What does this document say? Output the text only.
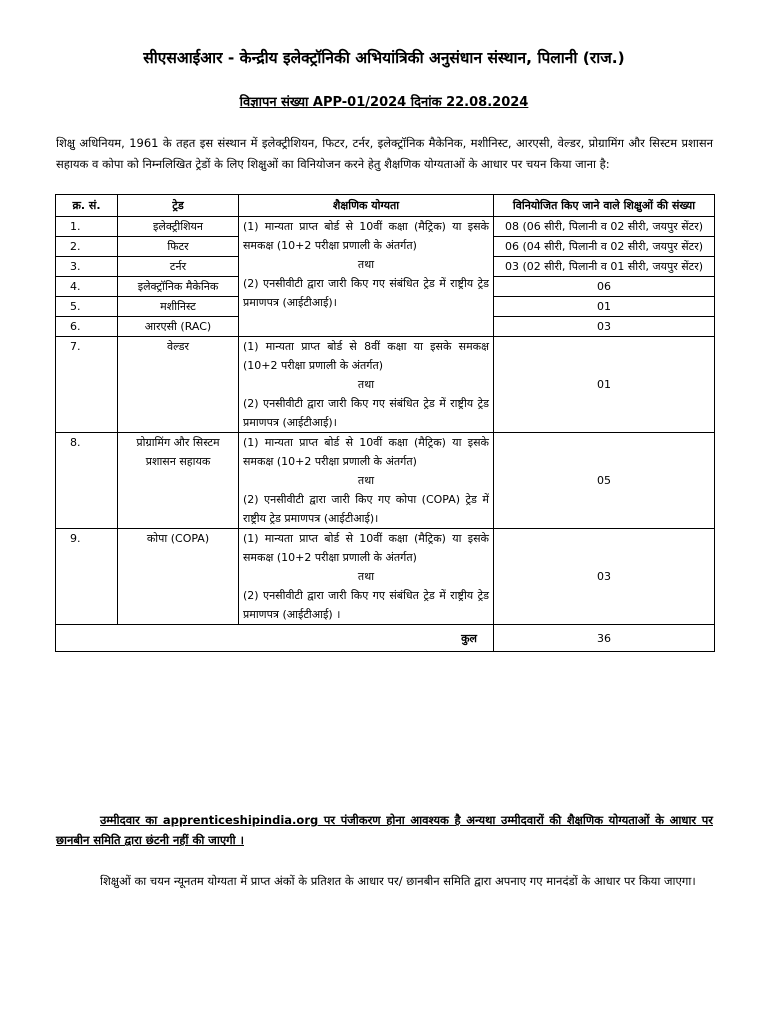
सीएसआईआर - केन्द्रीय इलेक्ट्रॉनिकी अभियांत्रिकी अनुसंधान संस्थान, पिलानी (राज.)
विज्ञापन संख्या APP-01/2024 दिनांक 22.08.2024
शिक्षु अधिनियम, 1961 के तहत इस संस्थान में इलेक्ट्रीशियन, फिटर, टर्नर, इलेक्ट्रॉनिक मैकेनिक, मशीनिस्ट, आरएसी, वेल्डर, प्रोग्रामिंग और सिस्टम प्रशासन सहायक व कोपा को निम्नलिखित ट्रेडों के लिए शिक्षुओं का विनियोजन करने हेतु शैक्षणिक योग्यताओं के आधार पर चयन किया जाना है:
क्र. सं.	ट्रेड	शैक्षणिक योग्यता	विनियोजित किए जाने वाले शिक्षुओं की संख्या
1.	इलेक्ट्रीशियन	(1) मान्यता प्राप्त बोर्ड से 10वीं कक्षा (मैट्रिक) या इसके समकक्ष (10+2 परीक्षा प्रणाली के अंतर्गत)
तथा
(2) एनसीवीटी द्वारा जारी किए गए संबंधित ट्रेड में राष्ट्रीय ट्रेड प्रमाणपत्र (आईटीआई)।	08 (06 सीरी, पिलानी व 02 सीरी, जयपुर सेंटर)
2.	फिटर		06 (04 सीरी, पिलानी व 02 सीरी, जयपुर सेंटर)
3.	टर्नर		03 (02 सीरी, पिलानी व 01 सीरी, जयपुर सेंटर)
4.	इलेक्ट्रॉनिक मैकेनिक		06
5.	मशीनिस्ट		01
6.	आरएसी (RAC)		03
7.	वेल्डर	(1) मान्यता प्राप्त बोर्ड से 8वीं कक्षा या इसके समकक्ष (10+2 परीक्षा प्रणाली के अंतर्गत)
तथा
(2) एनसीवीटी द्वारा जारी किए गए संबंधित ट्रेड में राष्ट्रीय ट्रेड प्रमाणपत्र (आईटीआई)।	01
8.	प्रोग्रामिंग और सिस्टम प्रशासन सहायक	(1) मान्यता प्राप्त बोर्ड से 10वीं कक्षा (मैट्रिक) या इसके समकक्ष (10+2 परीक्षा प्रणाली के अंतर्गत)
तथा
(2) एनसीवीटी द्वारा जारी किए गए कोपा (COPA) ट्रेड में राष्ट्रीय ट्रेड प्रमाणपत्र (आईटीआई)।	05
9.	कोपा (COPA)	(1) मान्यता प्राप्त बोर्ड से 10वीं कक्षा (मैट्रिक) या इसके समकक्ष (10+2 परीक्षा प्रणाली के अंतर्गत)
तथा
(2) एनसीवीटी द्वारा जारी किए गए संबंधित ट्रेड में राष्ट्रीय ट्रेड प्रमाणपत्र (आईटीआई) ।	03
कुल			36
उम्मीदवार का apprenticeshipindia.org पर पंजीकरण होना आवश्यक है अन्यथा उम्मीदवारों की शैक्षणिक योग्यताओं के आधार पर छानबीन समिति द्वारा छंटनी नहीं की जाएगी ।
शिक्षुओं का चयन न्यूनतम योग्यता में प्राप्त अंकों के प्रतिशत के आधार पर/ छानबीन समिति द्वारा अपनाए गए मानदंडों के आधार पर किया जाएगा।
